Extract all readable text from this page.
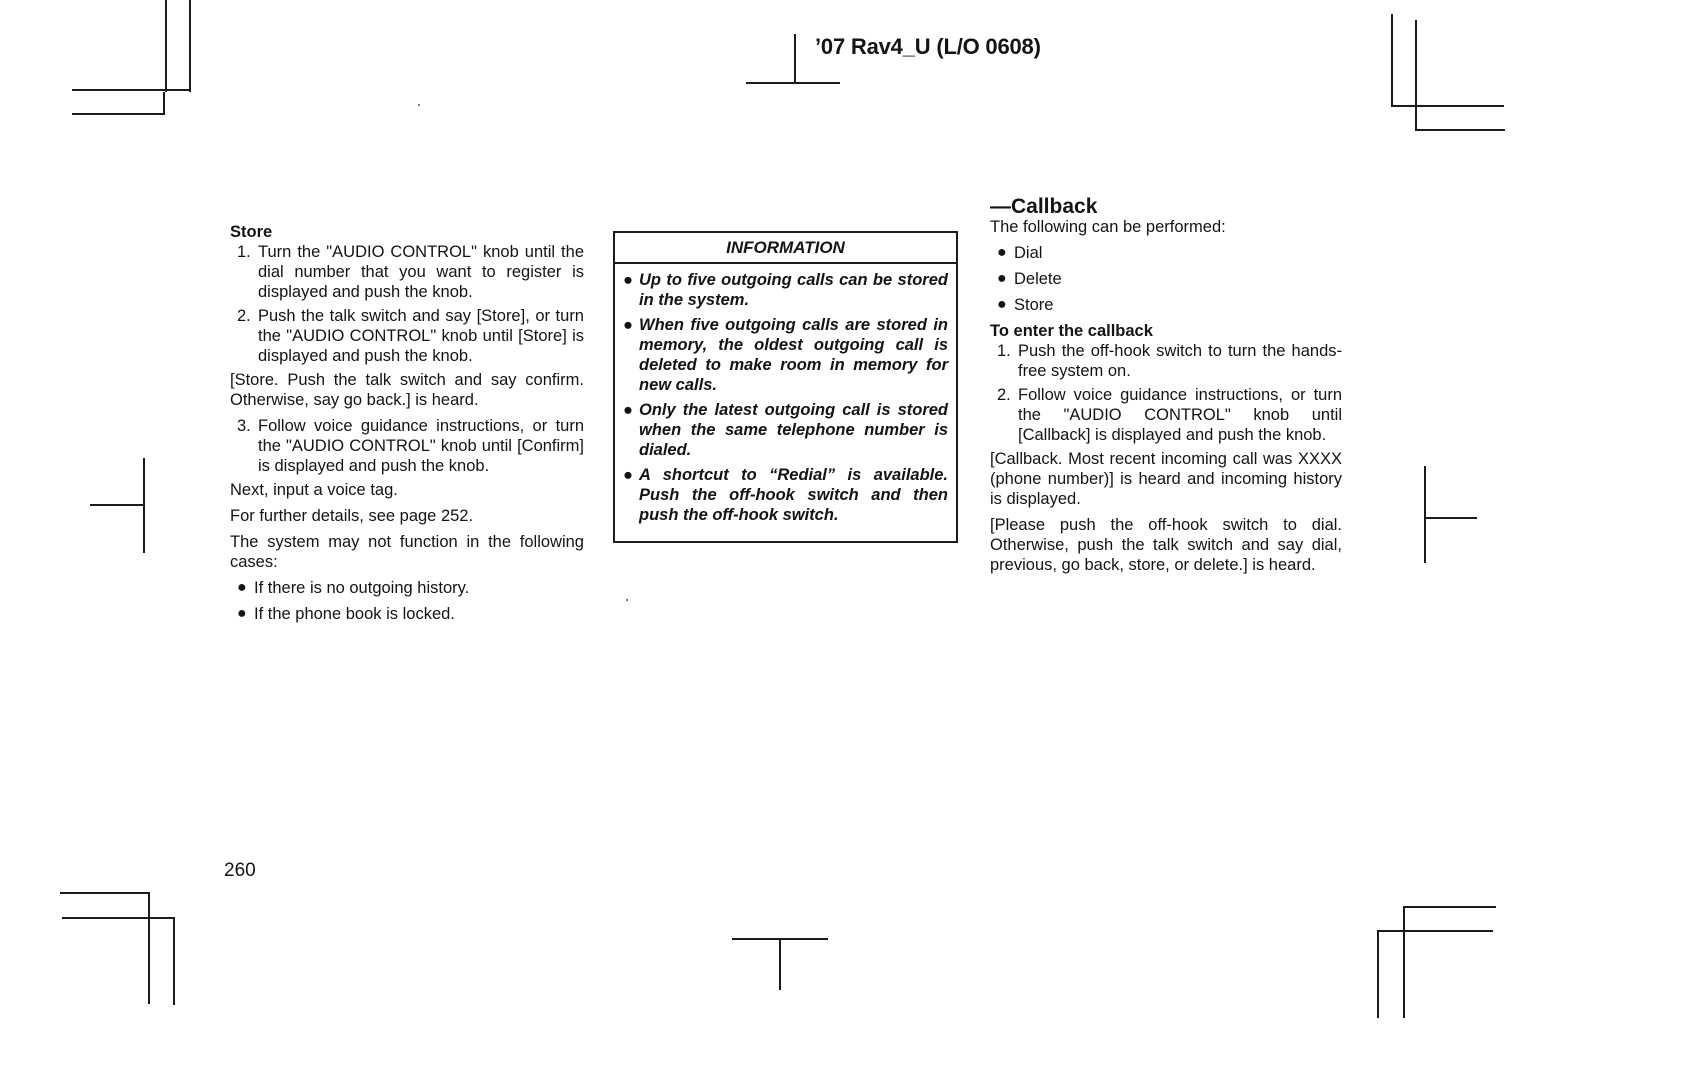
’07 Rav4_U (L/O 0608)

Store

1. Turn the "AUDIO CONTROL" knob until the dial number that you want to register is displayed and push the knob.
2. Push the talk switch and say [Store], or turn the "AUDIO CONTROL" knob until [Store] is displayed and push the knob.

[Store. Push the talk switch and say confirm. Otherwise, say go back.] is heard.

3. Follow voice guidance instructions, or turn the "AUDIO CONTROL" knob until [Confirm] is displayed and push the knob.

Next, input a voice tag.

For further details, see page 252.

The system may not function in the following cases:

● If there is no outgoing history.
● If the phone book is locked.
INFORMATION
● Up to five outgoing calls can be stored in the system.
● When five outgoing calls are stored in memory, the oldest outgoing call is deleted to make room in memory for new calls.
● Only the latest outgoing call is stored when the same telephone number is dialed.
● A shortcut to “Redial” is available. Push the off-hook switch and then push the off-hook switch.

—Callback

The following can be performed:

● Dial
● Delete
● Store

To enter the callback

1. Push the off-hook switch to turn the hands-free system on.
2. Follow voice guidance instructions, or turn the "AUDIO CONTROL" knob until [Callback] is displayed and push the knob.

[Callback. Most recent incoming call was XXXX (phone number)] is heard and incoming history is displayed.

[Please push the off-hook switch to dial. Otherwise, push the talk switch and say dial, previous, go back, store, or delete.] is heard.

260
